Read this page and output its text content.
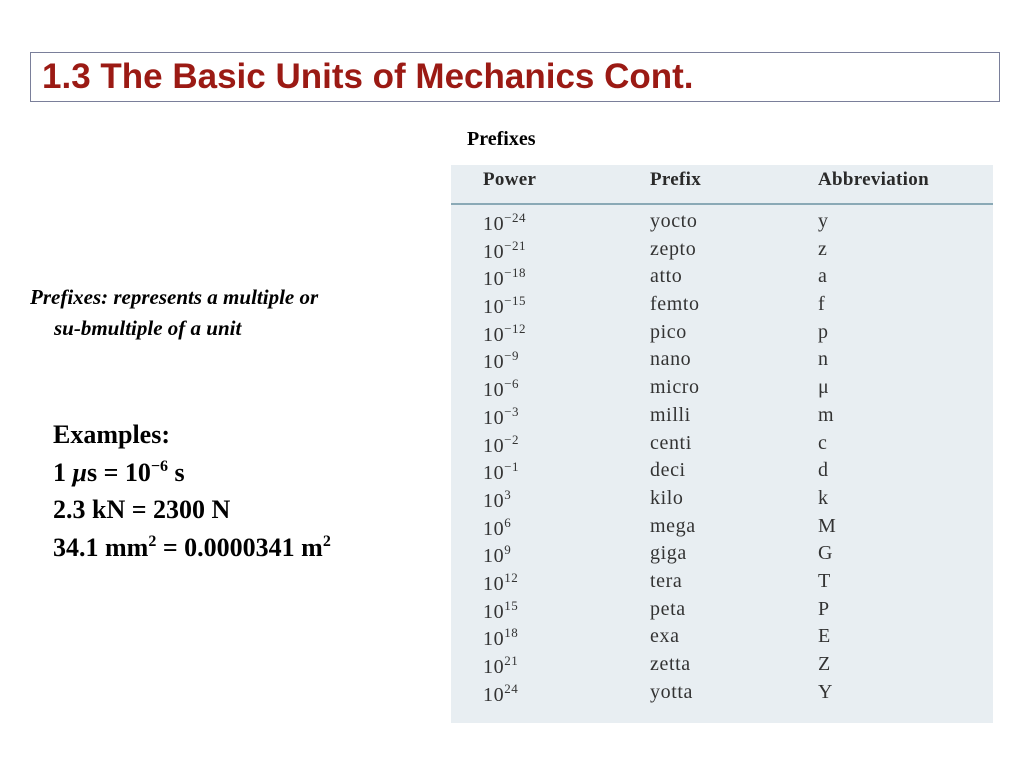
1.3 The Basic Units of Mechanics Cont.
Prefixes
Power	Prefix	Abbreviation
$10^{-24}$	yocto	y
$10^{-21}$	zepto	z
$10^{-18}$	atto	a
$10^{-15}$	femto	f
$10^{-12}$	pico	p
$10^{-9}$	nano	n
$10^{-6}$	micro	μ
$10^{-3}$	milli	m
$10^{-2}$	centi	c
$10^{-1}$	deci	d
$10^3$	kilo	k
$10^6$	mega	M
$10^9$	giga	G
$10^{12}$	tera	T
$10^{15}$	peta	P
$10^{18}$	exa	E
$10^{21}$	zetta	Z
$10^{24}$	yotta	Y
Prefixes: represents a multiple or
su-bmultiple of a unit
Examples:
1 $\mu s = 10^{-6}$ s
2.3 kN = 2300 N
34.1 $mm^2 = 0.0000341$ $m^2$
